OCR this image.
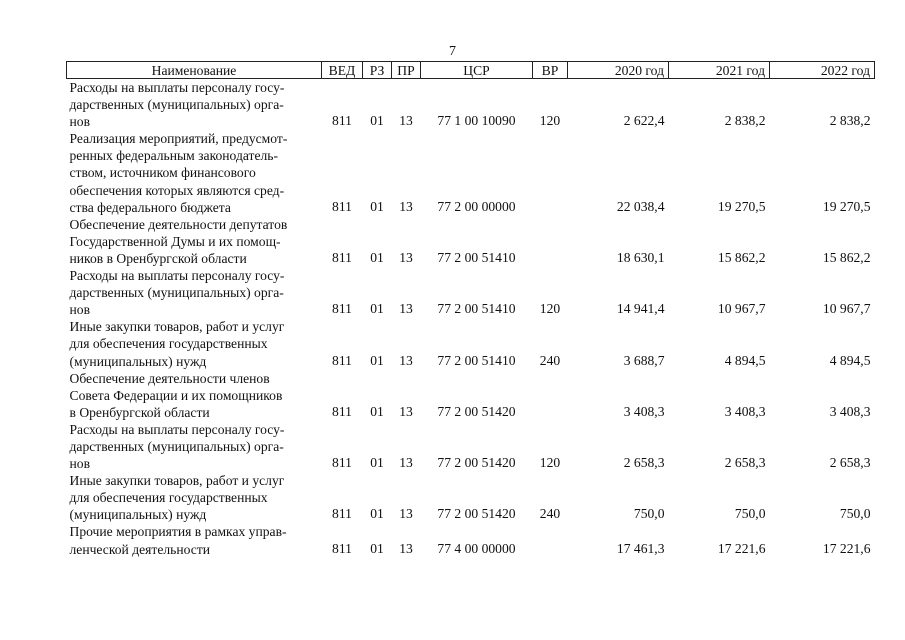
7
Наименование	ВЕД	РЗ	ПР	ЦСР	ВР	2020 год	2021 год	2022 год

Расходы на выплаты персоналу госу-
дарственных (муниципальных) орга-
нов	811	01	13	77 1 00 10090	120	2 622,4	2 838,2	2 838,2

Реализация мероприятий, предусмот-
ренных федеральным законодатель-
ством, источником финансового
обеспечения которых являются сред-
ства федерального бюджета	811	01	13	77 2 00 00000		22 038,4	19 270,5	19 270,5

Обеспечение деятельности депутатов
Государственной Думы и их помощ-
ников в Оренбургской области	811	01	13	77 2 00 51410		18 630,1	15 862,2	15 862,2

Расходы на выплаты персоналу госу-
дарственных (муниципальных) орга-
нов	811	01	13	77 2 00 51410	120	14 941,4	10 967,7	10 967,7

Иные закупки товаров, работ и услуг
для обеспечения государственных
(муниципальных) нужд	811	01	13	77 2 00 51410	240	3 688,7	4 894,5	4 894,5

Обеспечение деятельности членов
Совета Федерации и их помощников
в Оренбургской области	811	01	13	77 2 00 51420		3 408,3	3 408,3	3 408,3

Расходы на выплаты персоналу госу-
дарственных (муниципальных) орга-
нов	811	01	13	77 2 00 51420	120	2 658,3	2 658,3	2 658,3

Иные закупки товаров, работ и услуг
для обеспечения государственных
(муниципальных) нужд	811	01	13	77 2 00 51420	240	750,0	750,0	750,0

Прочие мероприятия в рамках управ-
ленческой деятельности	811	01	13	77 4 00 00000		17 461,3	17 221,6	17 221,6
